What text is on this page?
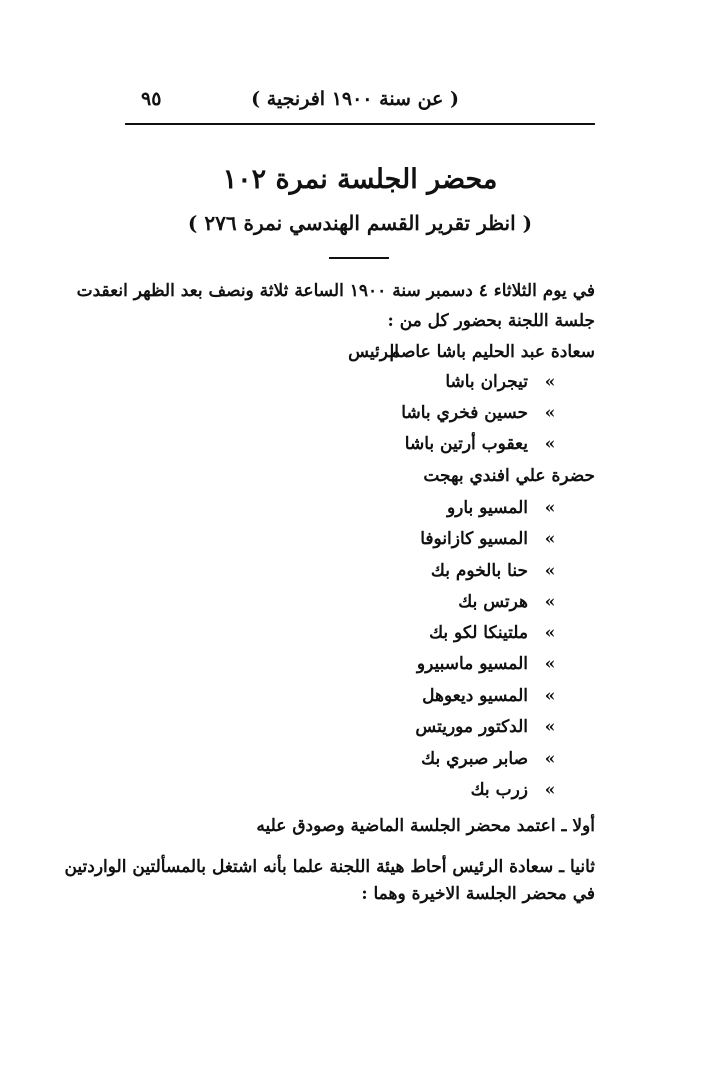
( عن سنة ١٩٠٠ افرنجية )
٩٥
محضر الجلسة نمرة ١٠٢
( انظر تقرير القسم الهندسي نمرة ٢٧٦ )
في يوم الثلاثاء ٤ دسمبر سنة ١٩٠٠ الساعة ثلاثة ونصف بعد الظهر انعقدت
جلسة اللجنة بحضور كل من :
سعادة عبد الحليم باشا عاصم
الرئيس
»تيجران باشا
»حسين فخري باشا
»يعقوب أرتين باشا
حضرة علي افندي بهجت
»المسيو بارو
»المسيو كازانوفا
»حنا بالخوم بك
»هرتس بك
»ملتينكا لكو بك
»المسيو ماسبيرو
»المسيو ديعوهل
»الدكتور موريتس
»صابر صبري بك
»زرب بك
أولا ـ اعتمد محضر الجلسة الماضية وصودق عليه
ثانيا ـ سعادة الرئيس أحاط هيئة اللجنة علما بأنه اشتغل بالمسألتين الواردتين
في محضر الجلسة الاخيرة وهما :
